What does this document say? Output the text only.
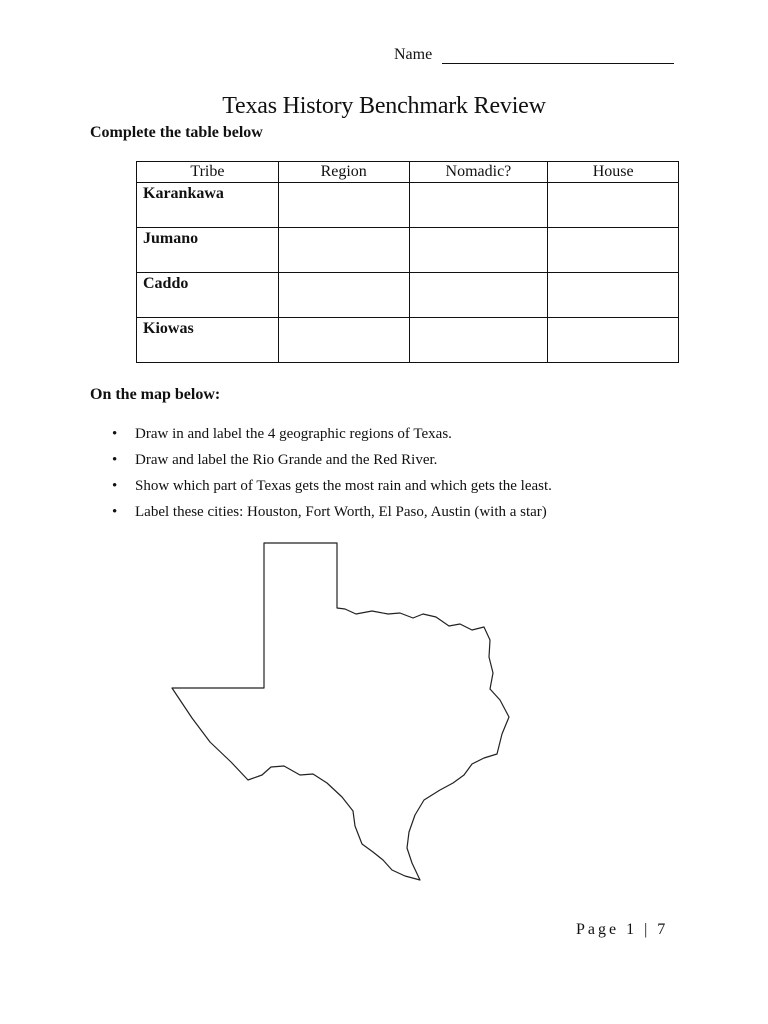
Name
Texas History Benchmark Review
Complete the table below
Tribe	Region	Nomadic?	House
Karankawa			
Jumano			
Caddo			
Kiowas			
On the map below:
• Draw in and label the 4 geographic regions of Texas.
• Draw and label the Rio Grande and the Red River.
• Show which part of Texas gets the most rain and which gets the least.
• Label these cities: Houston, Fort Worth, El Paso, Austin (with a star)
Page 1 | 7
